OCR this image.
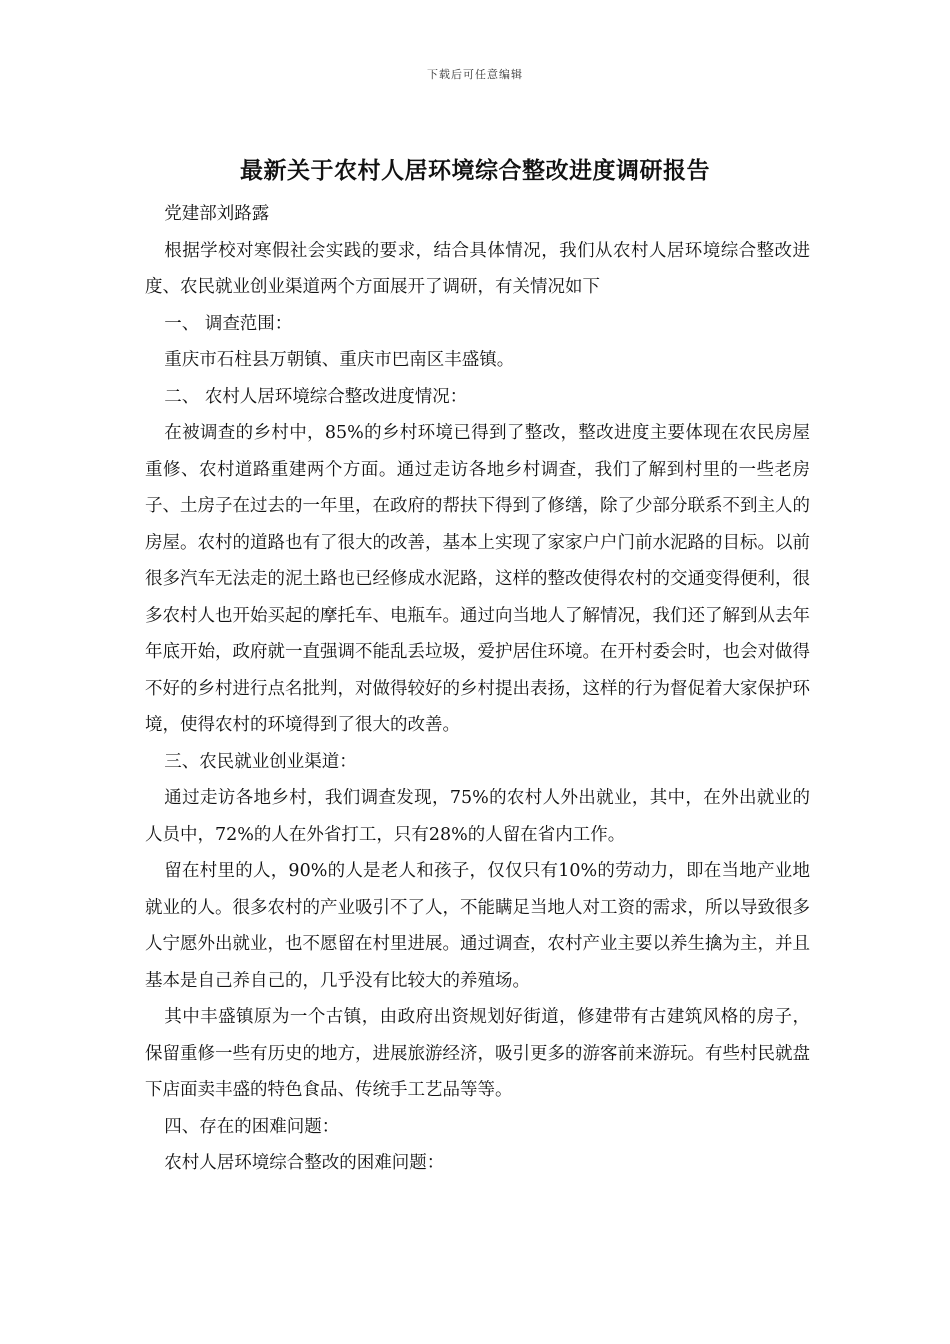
下载后可任意编辑
最新关于农村人居环境综合整改进度调研报告

党建部刘路露

根据学校对寒假社会实践的要求，结合具体情况，我们从农村人居环境综合整改进度、农民就业创业渠道两个方面展开了调研，有关情况如下

一、 调查范围：

重庆市石柱县万朝镇、重庆市巴南区丰盛镇。

二、 农村人居环境综合整改进度情况：

在被调查的乡村中，85%的乡村环境已得到了整改，整改进度主要体现在农民房屋重修、农村道路重建两个方面。通过走访各地乡村调查，我们了解到村里的一些老房子、土房子在过去的一年里，在政府的帮扶下得到了修缮，除了少部分联系不到主人的房屋。农村的道路也有了很大的改善，基本上实现了家家户户门前水泥路的目标。以前很多汽车无法走的泥土路也已经修成水泥路，这样的整改使得农村的交通变得便利，很多农村人也开始买起的摩托车、电瓶车。通过向当地人了解情况，我们还了解到从去年年底开始，政府就一直强调不能乱丢垃圾，爱护居住环境。在开村委会时，也会对做得不好的乡村进行点名批判，对做得较好的乡村提出表扬，这样的行为督促着大家保护环境，使得农村的环境得到了很大的改善。

三、农民就业创业渠道：

通过走访各地乡村，我们调查发现，75%的农村人外出就业，其中，在外出就业的人员中，72%的人在外省打工，只有28%的人留在省内工作。

留在村里的人，90%的人是老人和孩子，仅仅只有10%的劳动力，即在当地产业地就业的人。很多农村的产业吸引不了人，不能瞒足当地人对工资的需求，所以导致很多人宁愿外出就业，也不愿留在村里进展。通过调查，农村产业主要以养生擒为主，并且基本是自己养自己的，几乎没有比较大的养殖场。

其中丰盛镇原为一个古镇，由政府出资规划好街道，修建带有古建筑风格的房子，保留重修一些有历史的地方，进展旅游经济，吸引更多的游客前来游玩。有些村民就盘下店面卖丰盛的特色食品、传统手工艺品等等。

四、存在的困难问题：

农村人居环境综合整改的困难问题：
